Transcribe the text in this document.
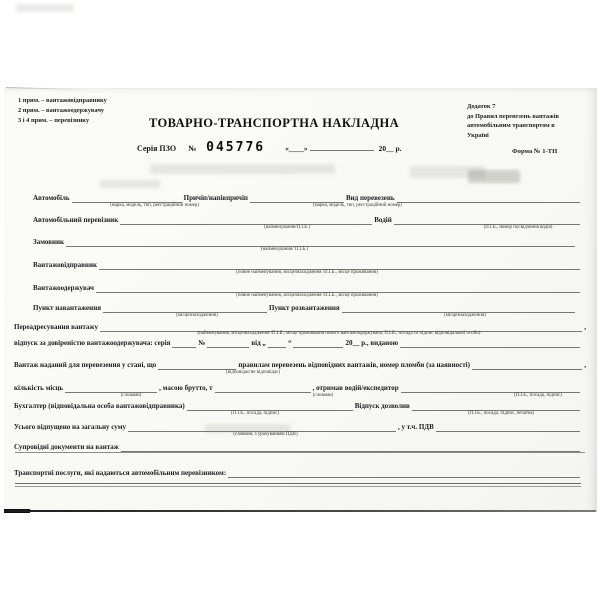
1 прим. – вантажовідправнику
2 прим. – вантажоодержувачу
3 і 4 прим. – перевізнику	ТОВАРНО-ТРАНСПОРТНА НАКЛАДНА
Серія ПЗО № 045776	«____»	20__ р.
Додаток 7
до Правил перевезень вантажів
автомобільним транспортом в
Україні
Форма № 1-ТН
Автомобіль	Причіп/напівпричіп	Вид перевезень
(марка, модель, тип, реєстраційний номер)	(марка, модель, тип, реєстраційний номер)
Автомобільний перевізник	Водій
(найменування/П.І.Б.)	(П.І.Б., номер посвідчення водія)
Замовник
(найменування/ П.І.Б.)
Вантажовідправник
(повне найменування, місцезнаходження /П.І.Б., місце проживання)
Вантажоодержувач
(повне найменування, місцезнаходження /П.І.Б., місце проживання)
Пункт навантаження	Пункт розвантаження
(місцезнаходження)	(місцезнаходження)
Переадресування вантажу	,
(найменування, місцезнаходження /П.І.Б., місце проживання нового вантажоодержувача; П.І.Б., посада та підпис відповідальної особи)
відпуск за довіреністю вантажоодержувача: серія	№	від „	“	20__ р., виданою
Вантаж наданий для перевезення у стані, що	правилам перевезень відповідних вантажів, номер пломби (за наявності)	,
(відповідає/не відповідає)
кількість місць	, масою брутто, т	, отримав водій/експедитор
(словами)	(словами)	(П.І.Б., посада, підпис)
Бухгалтер (відповідальна особа вантажовідправника)	Відпуск дозволив
(П.І.Б., посада, підпис)	(П.І.Б., посада, підпис, печатка)
Усього відпущено на загальну суму	, у т.ч. ПДВ
(словами, з урахуванням ПДВ)
Супровідні документи на вантаж
Транспортні послуги, які надаються автомобільним перевізником:
